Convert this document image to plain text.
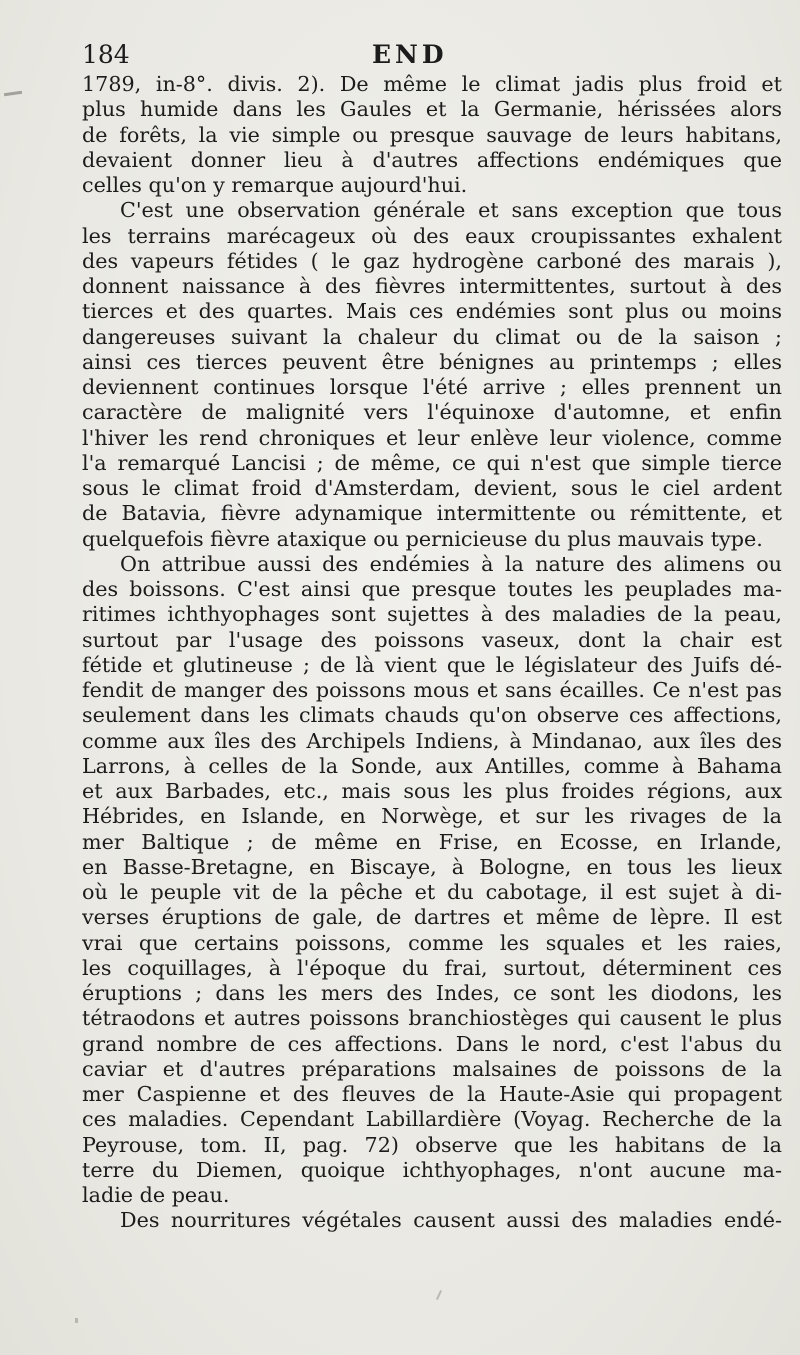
184	END
1789, in-8°. divis. 2). De même le climat jadis plus froid et
plus humide dans les Gaules et la Germanie, hérissées alors
de forêts, la vie simple ou presque sauvage de leurs habitans,
devaient donner lieu à d'autres affections endémiques que
celles qu'on y remarque aujourd'hui.
C'est une observation générale et sans exception que tous
les terrains marécageux où des eaux croupissantes exhalent
des vapeurs fétides ( le gaz hydrogène carboné des marais ),
donnent naissance à des fièvres intermittentes, surtout à des
tierces et des quartes. Mais ces endémies sont plus ou moins
dangereuses suivant la chaleur du climat ou de la saison ;
ainsi ces tierces peuvent être bénignes au printemps ; elles
deviennent continues lorsque l'été arrive ; elles prennent un
caractère de malignité vers l'équinoxe d'automne, et enfin
l'hiver les rend chroniques et leur enlève leur violence, comme
l'a remarqué Lancisi ; de même, ce qui n'est que simple tierce
sous le climat froid d'Amsterdam, devient, sous le ciel ardent
de Batavia, fièvre adynamique intermittente ou rémittente, et
quelquefois fièvre ataxique ou pernicieuse du plus mauvais type.
On attribue aussi des endémies à la nature des alimens ou
des boissons. C'est ainsi que presque toutes les peuplades ma-
ritimes ichthyophages sont sujettes à des maladies de la peau,
surtout par l'usage des poissons vaseux, dont la chair est
fétide et glutineuse ; de là vient que le législateur des Juifs dé-
fendit de manger des poissons mous et sans écailles. Ce n'est pas
seulement dans les climats chauds qu'on observe ces affections,
comme aux îles des Archipels Indiens, à Mindanao, aux îles des
Larrons, à celles de la Sonde, aux Antilles, comme à Bahama
et aux Barbades, etc., mais sous les plus froides régions, aux
Hébrides, en Islande, en Norwège, et sur les rivages de la
mer Baltique ; de même en Frise, en Ecosse, en Irlande,
en Basse-Bretagne, en Biscaye, à Bologne, en tous les lieux
où le peuple vit de la pêche et du cabotage, il est sujet à di-
verses éruptions de gale, de dartres et même de lèpre. Il est
vrai que certains poissons, comme les squales et les raies,
les coquillages, à l'époque du frai, surtout, déterminent ces
éruptions ; dans les mers des Indes, ce sont les diodons, les
tétraodons et autres poissons branchiostèges qui causent le plus
grand nombre de ces affections. Dans le nord, c'est l'abus du
caviar et d'autres préparations malsaines de poissons de la
mer Caspienne et des fleuves de la Haute-Asie qui propagent
ces maladies. Cependant Labillardière (Voyag. Recherche de la
Peyrouse, tom. II, pag. 72) observe que les habitans de la
terre du Diemen, quoique ichthyophages, n'ont aucune ma-
ladie de peau.
Des nourritures végétales causent aussi des maladies endé-
